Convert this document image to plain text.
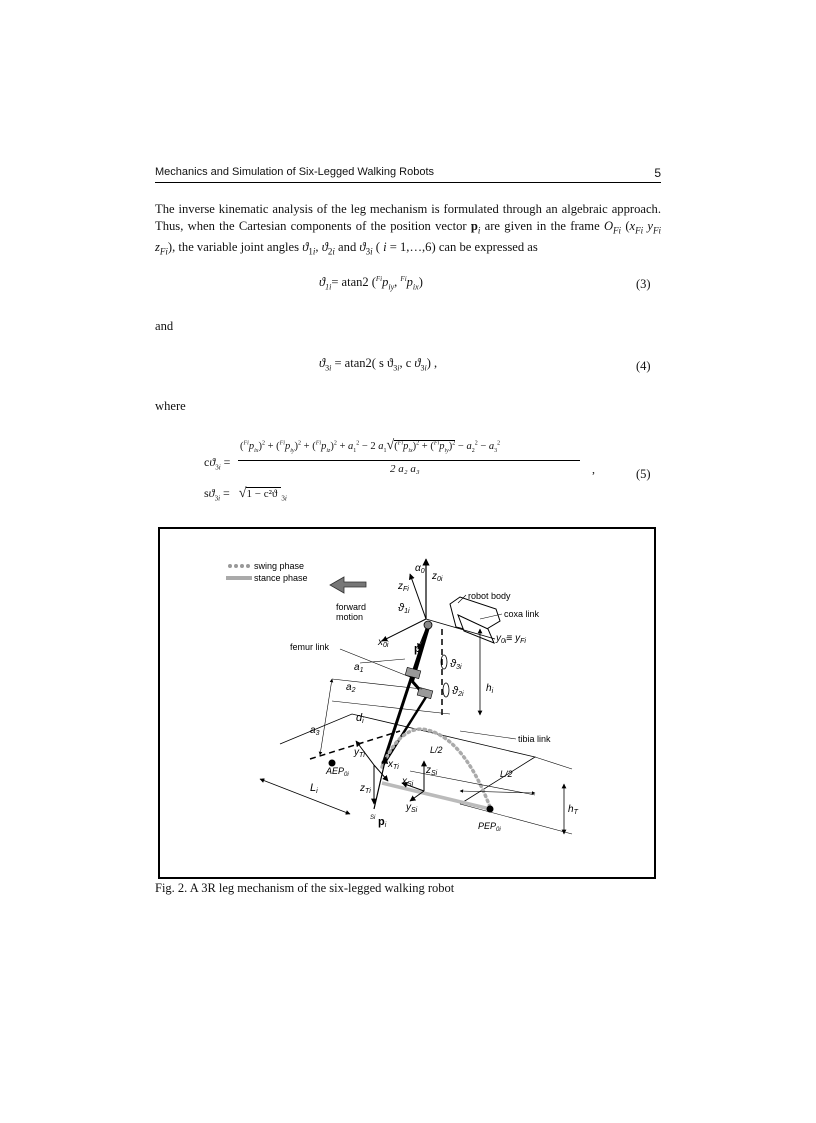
Mechanics and Simulation of Six-Legged Walking Robots	5
The inverse kinematic analysis of the leg mechanism is formulated through an algebraic approach. Thus, when the Cartesian components of the position vector $p_i$ are given in the frame $O_{Fi}$ ($x_{Fi}$ $y_{Fi}$ $z_{Fi}$), the variable joint angles $ϑ_{1i}$, $ϑ_{2i}$ and $ϑ_{3i}$ ( i = 1,…,6) can be expressed as
$ϑ_{1i}= atan2$ ($^{Fi}p_{iy}$, $^{Fi}p_{ix}$)	(3)
and
$ϑ_{3i} = atan2$( s $ϑ_{3i}$, c $ϑ_{3i}$) ,	(4)
where
$cϑ_{3i}$ =
$(^{Fi}p_{ix})^2 + (^{Fi}p_{iy})^2 + (^{Fi}p_{iz})^2 + a_1^2 - 2$ $a_1√(^{Fi}p_{ix})^2 + (^{Fi}p_{iy})^2 - a_2^2 - a_3^2$
2 a₂ a₃	,
$sϑ_{3i} = √1 - c^2ϑ$ $_{3i}$
(5)
swing phase
stance phase
forward
motion
$z_{0i}$
$z_{Fi}$
$\alpha_0$
ϑ1i
$y_{0i}\equiv y_{Fi}$
$x_{0i}$
robot body
coxa link
femur link
tibia link
pi
ϑ3i
ϑ2i
$h_i$
$a_1$
$a_2$
$a_3$
di
$AEP_{0i}$
$PEP_{0i}$
$y_{Ti}$
$x_{Ti}$
$z_{Ti}$
$z_{Si}$
$x_{Si}$
$y_{Si}$
Si pi
L/2
L/2
Li
$h_T$
Fig. 2. A 3R leg mechanism of the six-legged walking robot
